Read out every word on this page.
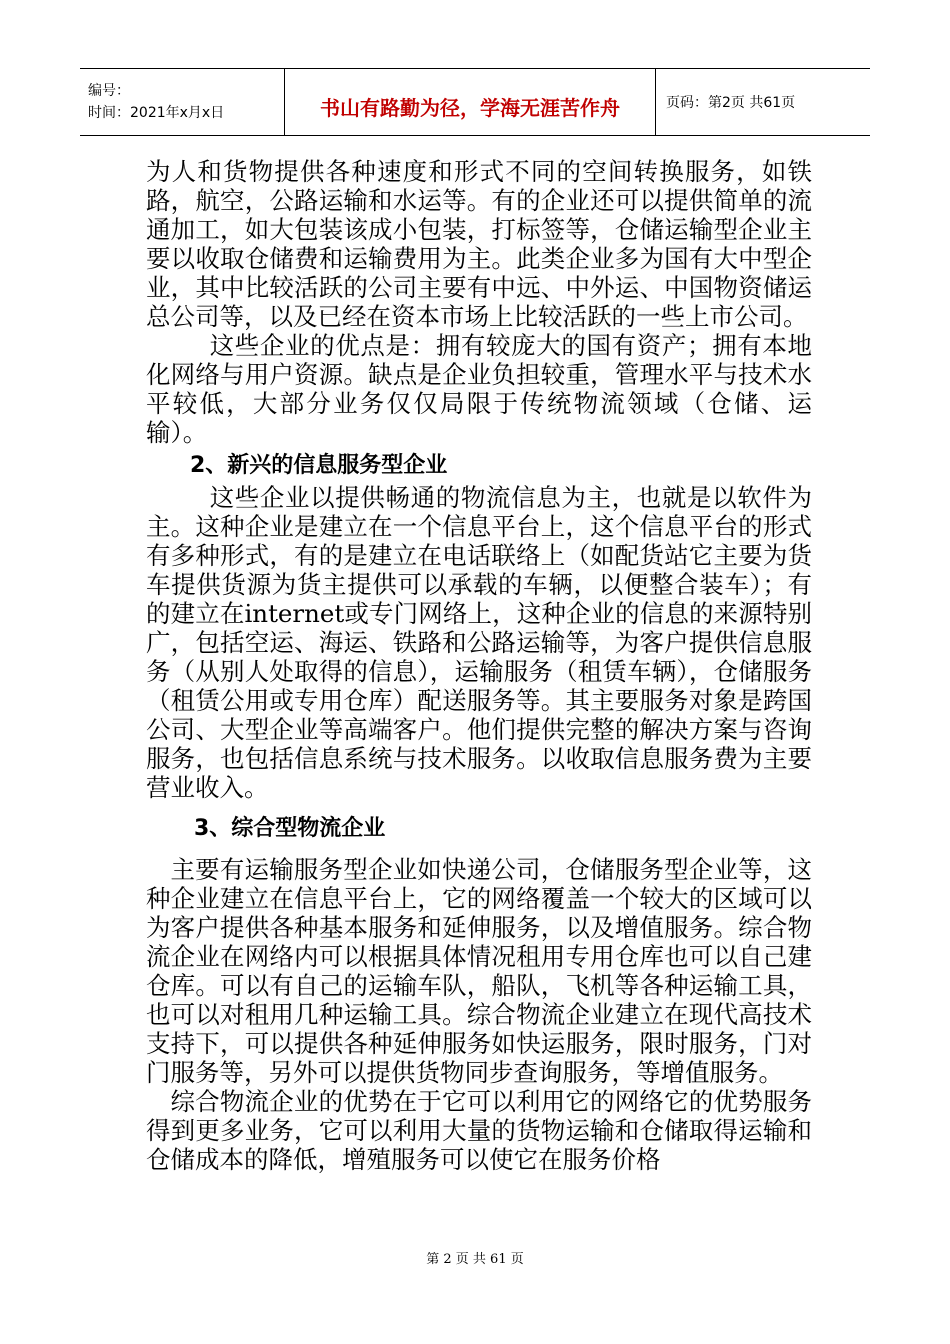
编号：
时间：2021年x月x日	书山有路勤为径，学海无涯苦作舟	页码：第2页 共61页

为人和货物提供各种速度和形式不同的空间转换服务，如铁路，航空，公路运输和水运等。有的企业还可以提供简单的流通加工，如大包装该成小包装，打标签等，仓储运输型企业主要以收取仓储费和运输费用为主。此类企业多为国有大中型企业，其中比较活跃的公司主要有中远、中外运、中国物资储运总公司等，以及已经在资本市场上比较活跃的一些上市公司。

这些企业的优点是：拥有较庞大的国有资产；拥有本地化网络与用户资源。缺点是企业负担较重，管理水平与技术水平较低，大部分业务仅仅局限于传统物流领域（仓储、运输）。

2、新兴的信息服务型企业

这些企业以提供畅通的物流信息为主，也就是以软件为主。这种企业是建立在一个信息平台上，这个信息平台的形式有多种形式，有的是建立在电话联络上（如配货站它主要为货车提供货源为货主提供可以承载的车辆，以便整合装车）；有的建立在internet或专门网络上，这种企业的信息的来源特别广，包括空运、海运、铁路和公路运输等，为客户提供信息服务（从别人处取得的信息），运输服务（租赁车辆），仓储服务（租赁公用或专用仓库）配送服务等。其主要服务对象是跨国公司、大型企业等高端客户。他们提供完整的解决方案与咨询服务，也包括信息系统与技术服务。以收取信息服务费为主要营业收入。

3、综合型物流企业

主要有运输服务型企业如快递公司，仓储服务型企业等，这种企业建立在信息平台上，它的网络覆盖一个较大的区域可以为客户提供各种基本服务和延伸服务，以及增值服务。综合物流企业在网络内可以根据具体情况租用专用仓库也可以自己建仓库。可以有自己的运输车队，船队，飞机等各种运输工具，也可以对租用几种运输工具。综合物流企业建立在现代高技术支持下，可以提供各种延伸服务如快运服务，限时服务，门对门服务等，另外可以提供货物同步查询服务，等增值服务。

综合物流企业的优势在于它可以利用它的网络它的优势服务得到更多业务，它可以利用大量的货物运输和仓储取得运输和仓储成本的降低，增殖服务可以使它在服务价格

第 2 页 共 61 页
